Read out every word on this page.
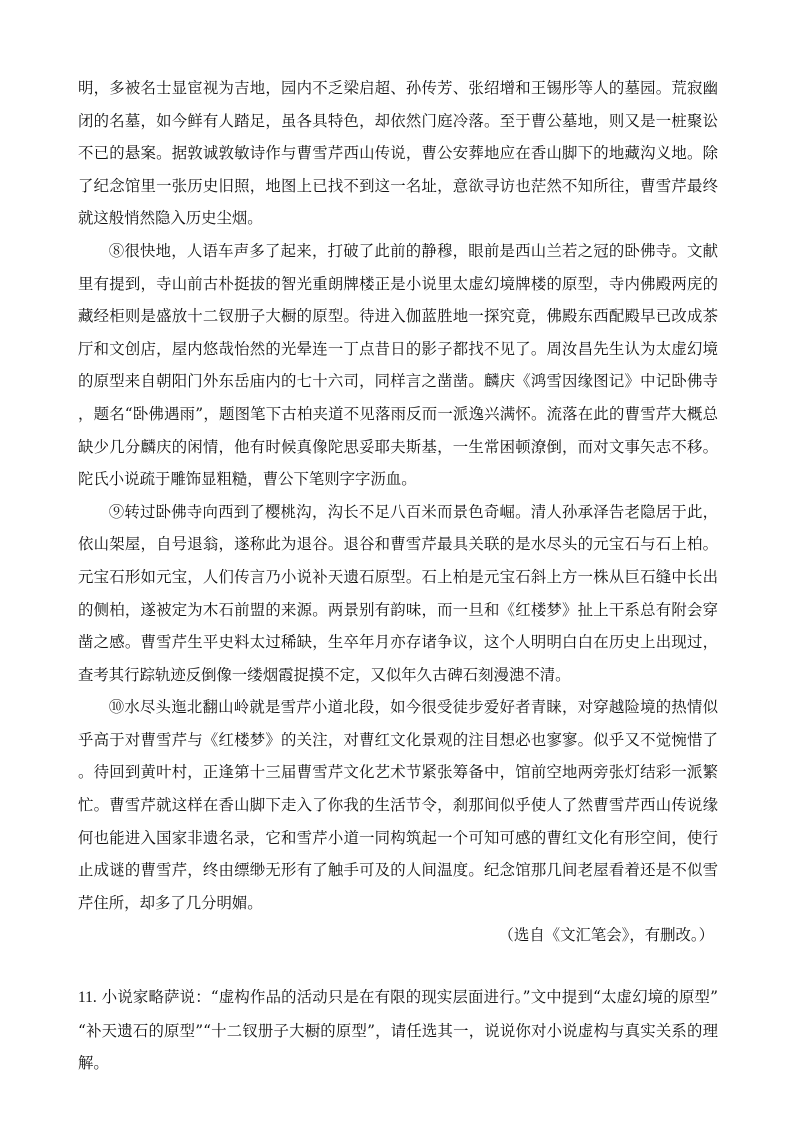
明，多被名士显宦视为吉地，园内不乏梁启超、孙传芳、张绍增和王锡彤等人的墓园。荒寂幽闭的名墓，如今鲜有人踏足，虽各具特色，却依然门庭冷落。至于曹公墓地，则又是一桩聚讼不已的悬案。据敦诚敦敏诗作与曹雪芹西山传说，曹公安葬地应在香山脚下的地藏沟义地。除了纪念馆里一张历史旧照，地图上已找不到这一名址，意欲寻访也茫然不知所往，曹雪芹最终就这般悄然隐入历史尘烟。

⑧很快地，人语车声多了起来，打破了此前的静穆，眼前是西山兰若之冠的卧佛寺。文献里有提到，寺山前古朴挺拔的智光重朗牌楼正是小说里太虚幻境牌楼的原型，寺内佛殿两庑的藏经柜则是盛放十二钗册子大橱的原型。待进入伽蓝胜地一探究竟，佛殿东西配殿早已改成茶厅和文创店，屋内悠哉怡然的光晕连一丁点昔日的影子都找不见了。周汝昌先生认为太虚幻境的原型来自朝阳门外东岳庙内的七十六司，同样言之凿凿。麟庆《鸿雪因缘图记》中记卧佛寺，题名“卧佛遇雨”，题图笔下古柏夹道不见落雨反而一派逸兴满怀。流落在此的曹雪芹大概总缺少几分麟庆的闲情，他有时候真像陀思妥耶夫斯基，一生常困顿潦倒，而对文事矢志不移。陀氏小说疏于雕饰显粗糙，曹公下笔则字字沥血。

⑨转过卧佛寺向西到了樱桃沟，沟长不足八百米而景色奇崛。清人孙承泽告老隐居于此，依山架屋，自号退翁，遂称此为退谷。退谷和曹雪芹最具关联的是水尽头的元宝石与石上柏。元宝石形如元宝，人们传言乃小说补天遗石原型。石上柏是元宝石斜上方一株从巨石缝中长出的侧柏，遂被定为木石前盟的来源。两景别有韵味，而一旦和《红楼梦》扯上干系总有附会穿凿之感。曹雪芹生平史料太过稀缺，生卒年月亦存诸争议，这个人明明白白在历史上出现过，查考其行踪轨迹反倒像一缕烟霞捉摸不定，又似年久古碑石刻漫漶不清。

⑩水尽头迤北翻山岭就是雪芹小道北段，如今很受徒步爱好者青睐，对穿越险境的热情似乎高于对曹雪芹与《红楼梦》的关注，对曹红文化景观的注目想必也寥寥。似乎又不觉惋惜了。待回到黄叶村，正逢第十三届曹雪芹文化艺术节紧张筹备中，馆前空地两旁张灯结彩一派繁忙。曹雪芹就这样在香山脚下走入了你我的生活节令，刹那间似乎使人了然曹雪芹西山传说缘何也能进入国家非遗名录，它和雪芹小道一同构筑起一个可知可感的曹红文化有形空间，使行止成谜的曹雪芹，终由缥缈无形有了触手可及的人间温度。纪念馆那几间老屋看着还是不似雪芹住所，却多了几分明媚。

（选自《文汇笔会》，有删改。）

11. 小说家略萨说：“虚构作品的活动只是在有限的现实层面进行。”文中提到“太虚幻境的原型”“补天遗石的原型”“十二钗册子大橱的原型”，请任选其一，说说你对小说虚构与真实关系的理解。
